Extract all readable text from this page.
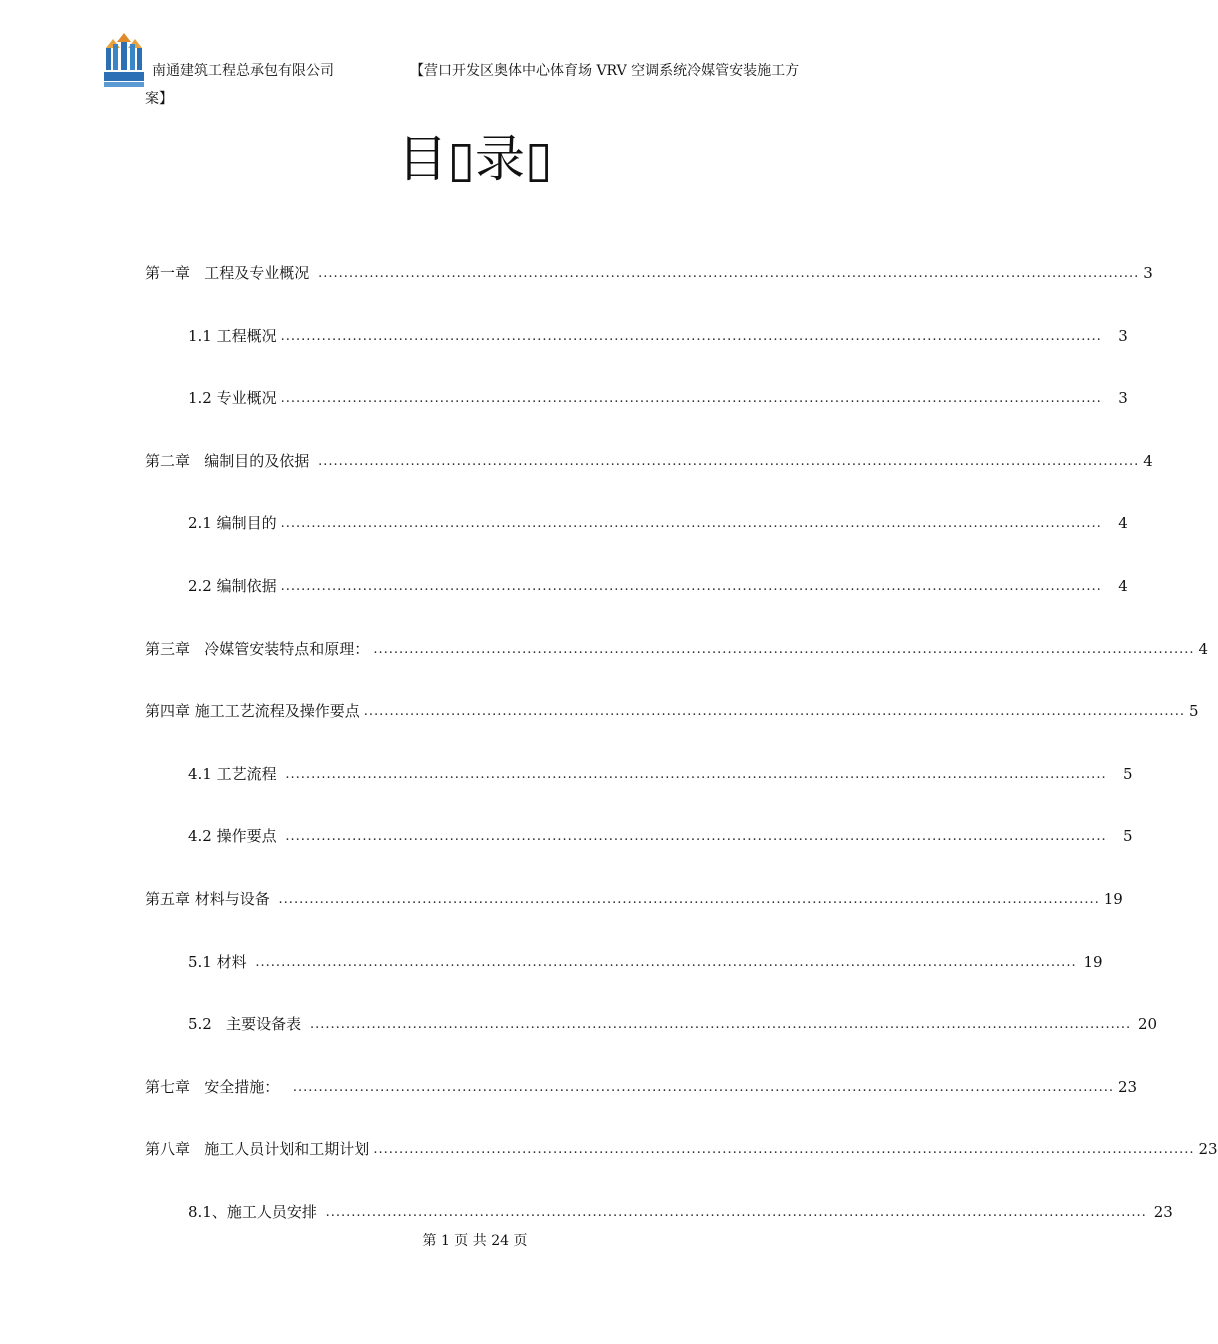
南通建筑工程总承包有限公司	【营口开发区奥体中心体育场 VRV 空调系统冷媒管安装施工方
案】
目▯录▯
第一章   工程及专业概况 ................................................................................................................................................................ 3
1.1 工程概况 ................................................................................................................................................................	3
1.2 专业概况 ................................................................................................................................................................	3
第二章   编制目的及依据 ................................................................................................................................................................ 4
2.1 编制目的 ................................................................................................................................................................	4
2.2 编制依据 ................................................................................................................................................................	4
第三章   冷媒管安装特点和原理： ................................................................................................................................................................ 4
第四章 施工工艺流程及操作要点 ................................................................................................................................................................ 5
4.1 工艺流程 ................................................................................................................................................................	5
4.2 操作要点 ................................................................................................................................................................	5
第五章 材料与设备 ................................................................................................................................................................ 19
5.1 材料 ................................................................................................................................................................ 19
5.2   主要设备表 ................................................................................................................................................................ 20
第七章   安全措施： ................................................................................................................................................................ 23
第八章   施工人员计划和工期计划 ................................................................................................................................................................ 23
8.1、施工人员安排 ................................................................................................................................................................ 23
第 1 页 共 24 页
